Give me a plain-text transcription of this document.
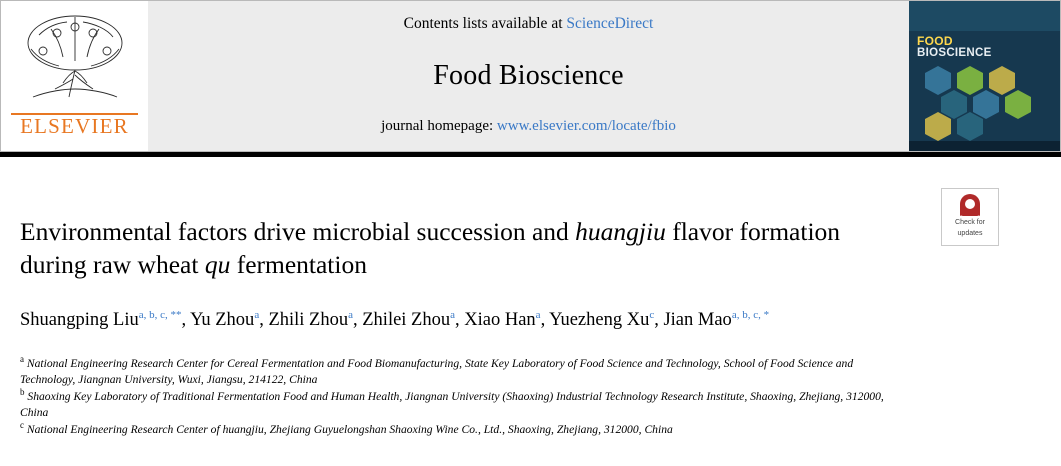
ELSEVIER
Contents lists available at ScienceDirect
Food Bioscience
journal homepage: www.elsevier.com/locate/fbio
FOOD
BIOSCIENCE
Environmental factors drive microbial succession and huangjiu flavor formation during raw wheat qu fermentation
Shuangping Liu$^{a, b, c, **}$, Yu Zhou$^a$, Zhili Zhou$^a$, Zhilei Zhou$^a$, Xiao Han$^a$, Yuezheng Xu$^c$, Jian Mao$^{a, b, c, *}$
$^a$ National Engineering Research Center for Cereal Fermentation and Food Biomanufacturing, State Key Laboratory of Food Science and Technology, School of Food Science and Technology, Jiangnan University, Wuxi, Jiangsu, 214122, China
$^b$ Shaoxing Key Laboratory of Traditional Fermentation Food and Human Health, Jiangnan University (Shaoxing) Industrial Technology Research Institute, Shaoxing, Zhejiang, 312000, China
$^c$ National Engineering Research Center of huangjiu, Zhejiang Guyuelongshan Shaoxing Wine Co., Ltd., Shaoxing, Zhejiang, 312000, China
Check for
updates
